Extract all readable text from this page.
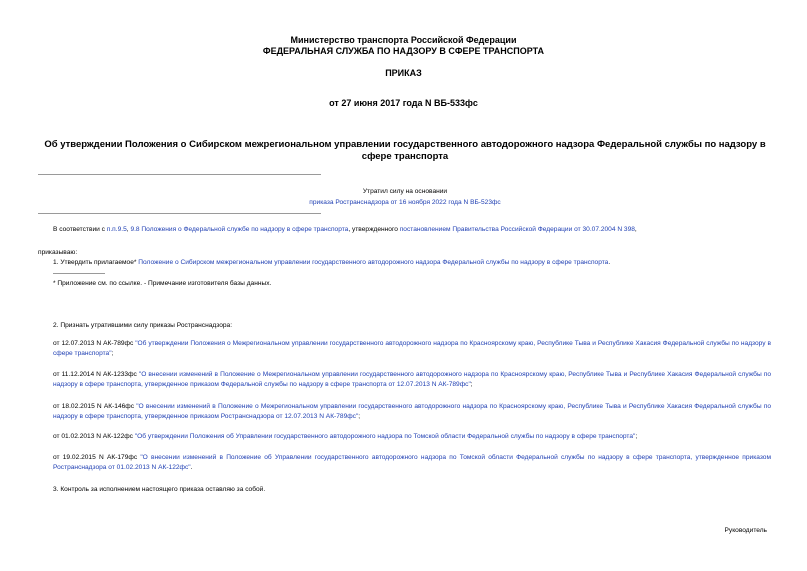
Министерство транспорта Российской Федерации
ФЕДЕРАЛЬНАЯ СЛУЖБА ПО НАДЗОРУ В СФЕРЕ ТРАНСПОРТА
ПРИКАЗ
от 27 июня 2017 года N ВБ-533фс
Об утверждении Положения о Сибирском межрегиональном управлении государственного автодорожного надзора Федеральной службы по надзору в сфере транспорта
Утратил силу на основании
приказа Ространснадзора от 16 ноября 2022 года N ВБ-523фс
В соответствии с п.п.9.5, 9.8 Положения о Федеральной службе по надзору в сфере транспорта, утвержденного постановлением Правительства Российской Федерации от 30.07.2004 N 398,
приказываю:
1. Утвердить прилагаемое* Положение о Сибирском межрегиональном управлении государственного автодорожного надзора Федеральной службы по надзору в сфере транспорта.
* Приложение см. по ссылке. - Примечание изготовителя базы данных.
2. Признать утратившими силу приказы Ространснадзора:
от 12.07.2013 N АК-789фс "Об утверждении Положения о Межрегиональном управлении государственного автодорожного надзора по Красноярскому краю, Республике Тыва и Республике Хакасия Федеральной службы по надзору в сфере транспорта";
от 11.12.2014 N АК-1233фс "О внесении изменений в Положение о Межрегиональном управлении государственного автодорожного надзора по Красноярскому краю, Республике Тыва и Республике Хакасия Федеральной службы по надзору в сфере транспорта, утвержденное приказом Федеральной службы по надзору в сфере транспорта от 12.07.2013 N АК-789фс";
от 18.02.2015 N АК-146фс "О внесении изменений в Положение о Межрегиональном управлении государственного автодорожного надзора по Красноярскому краю, Республике Тыва и Республике Хакасия Федеральной службы по надзору в сфере транспорта, утвержденное приказом Ространснадзора от 12.07.2013 N АК-789фс";
от 01.02.2013 N АК-122фс "Об утверждении Положения об Управлении государственного автодорожного надзора по Томской области Федеральной службы по надзору в сфере транспорта";
от 19.02.2015 N АК-179фс "О внесении изменений в Положение об Управлении государственного автодорожного надзора по Томской области Федеральной службы по надзору в сфере транспорта, утвержденное приказом Ространснадзора от 01.02.2013 N АК-122фс".
3. Контроль за исполнением настоящего приказа оставляю за собой.
Руководитель
